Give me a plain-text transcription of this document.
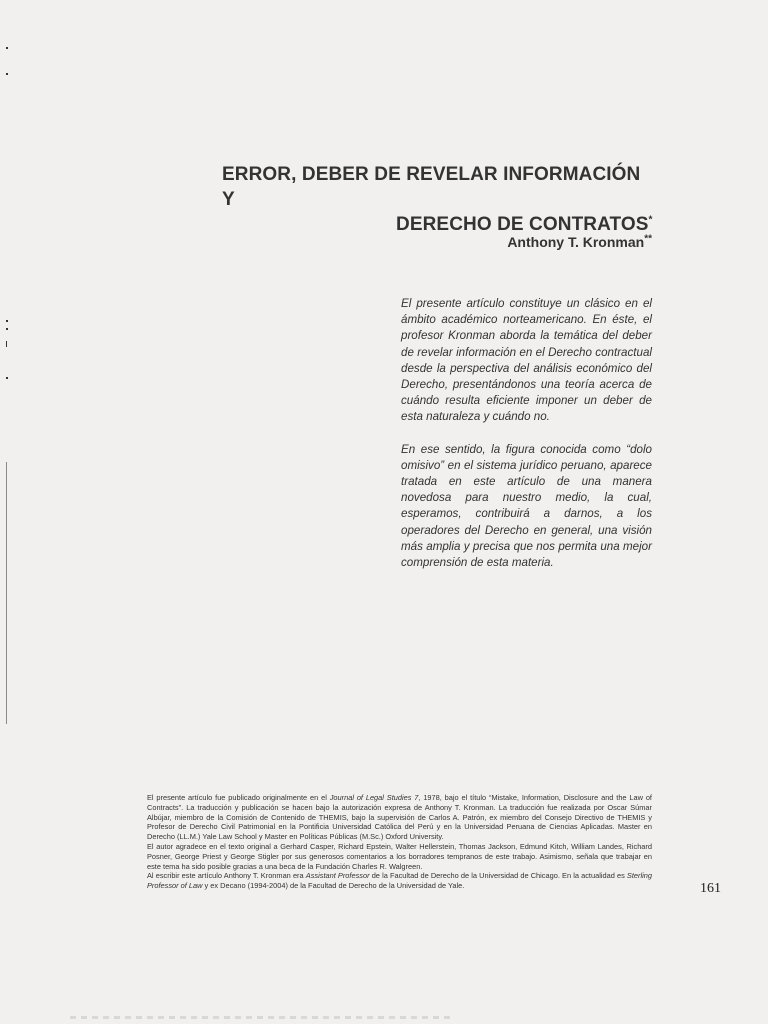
ERROR, DEBER DE REVELAR INFORMACIÓN Y
DERECHO DE CONTRATOS*
Anthony T. Kronman**

El presente artículo constituye un clásico en el ámbito académico norteamericano. En éste, el profesor Kronman aborda la temática del deber de revelar información en el Derecho contractual desde la perspectiva del análisis económico del Derecho, presentándonos una teoría acerca de cuándo resulta eficiente imponer un deber de esta naturaleza y cuándo no.

En ese sentido, la figura conocida como “dolo omisivo” en el sistema jurídico peruano, aparece tratada en este artículo de una manera novedosa para nuestro medio, la cual, esperamos, contribuirá a darnos, a los operadores del Derecho en general, una visión más amplia y precisa que nos permita una mejor comprensión de esta materia.

El presente artículo fue publicado originalmente en el Journal of Legal Studies 7, 1978, bajo el título “Mistake, Information, Disclosure and the Law of Contracts”. La traducción y publicación se hacen bajo la autorización expresa de Anthony T. Kronman. La traducción fue realizada por Oscar Súmar Albújar, miembro de la Comisión de Contenido de THEMIS, bajo la supervisión de Carlos A. Patrón, ex miembro del Consejo Directivo de THEMIS y Profesor de Derecho Civil Patrimonial en la Pontificia Universidad Católica del Perú y en la Universidad Peruana de Ciencias Aplicadas. Master en Derecho (LL.M.) Yale Law School y Master en Políticas Públicas (M.Sc.) Oxford University.

El autor agradece en el texto original a Gerhard Casper, Richard Epstein, Walter Hellerstein, Thomas Jackson, Edmund Kitch, William Landes, Richard Posner, George Priest y George Stigler por sus generosos comentarios a los borradores tempranos de este trabajo. Asimismo, señala que trabajar en este tema ha sido posible gracias a una beca de la Fundación Charles R. Walgreen.

Al escribir este artículo Anthony T. Kronman era Assistant Professor de la Facultad de Derecho de la Universidad de Chicago. En la actualidad es Sterling Professor of Law y ex Decano (1994-2004) de la Facultad de Derecho de la Universidad de Yale.	161
